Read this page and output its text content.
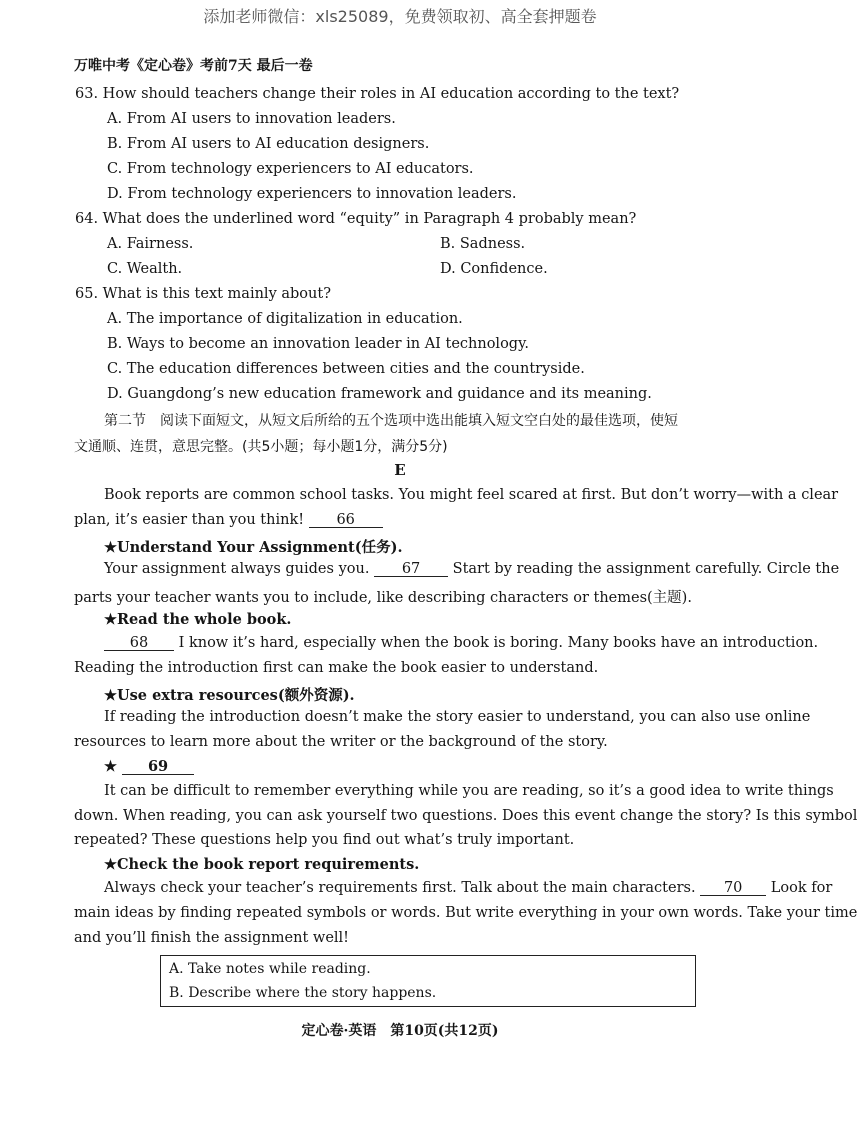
添加老师微信：xls25089，免费领取初、高全套押题卷
万唯中考《定心卷》考前7天 最后一卷
63. How should teachers change their roles in AI education according to the text?
A. From AI users to innovation leaders.
B. From AI users to AI education designers.
C. From technology experiencers to AI educators.
D. From technology experiencers to innovation leaders.
64. What does the underlined word “equity” in Paragraph 4 probably mean?
A. Fairness.	B. Sadness.
C. Wealth.	D. Confidence.
65. What is this text mainly about?
A. The importance of digitalization in education.
B. Ways to become an innovation leader in AI technology.
C. The education differences between cities and the countryside.
D. Guangdong’s new education framework and guidance and its meaning.
第二节　阅读下面短文，从短文后所给的五个选项中选出能填入短文空白处的最佳选项，使短
文通顺、连贯，意思完整。(共5小题；每小题1分，满分5分)
E
Book reports are common school tasks. You might feel scared at first. But don’t worry—with a clear
plan, it’s easier than you think! 66
★Understand Your Assignment(任务).
Your assignment always guides you. 67 Start by reading the assignment carefully. Circle the
parts your teacher wants you to include, like describing characters or themes(主题).
★Read the whole book.
68 I know it’s hard, especially when the book is boring. Many books have an introduction.
Reading the introduction first can make the book easier to understand.
★Use extra resources(额外资源).
If reading the introduction doesn’t make the story easier to understand, you can also use online
resources to learn more about the writer or the background of the story.
★ 69
It can be difficult to remember everything while you are reading, so it’s a good idea to write things
down. When reading, you can ask yourself two questions. Does this event change the story? Is this symbol
repeated? These questions help you find out what’s truly important.
★Check the book report requirements.
Always check your teacher’s requirements first. Talk about the main characters. 70 Look for
main ideas by finding repeated symbols or words. But write everything in your own words. Take your time
and you’ll finish the assignment well!
A. Take notes while reading.
B. Describe where the story happens.
定心卷·英语　第10页(共12页)
